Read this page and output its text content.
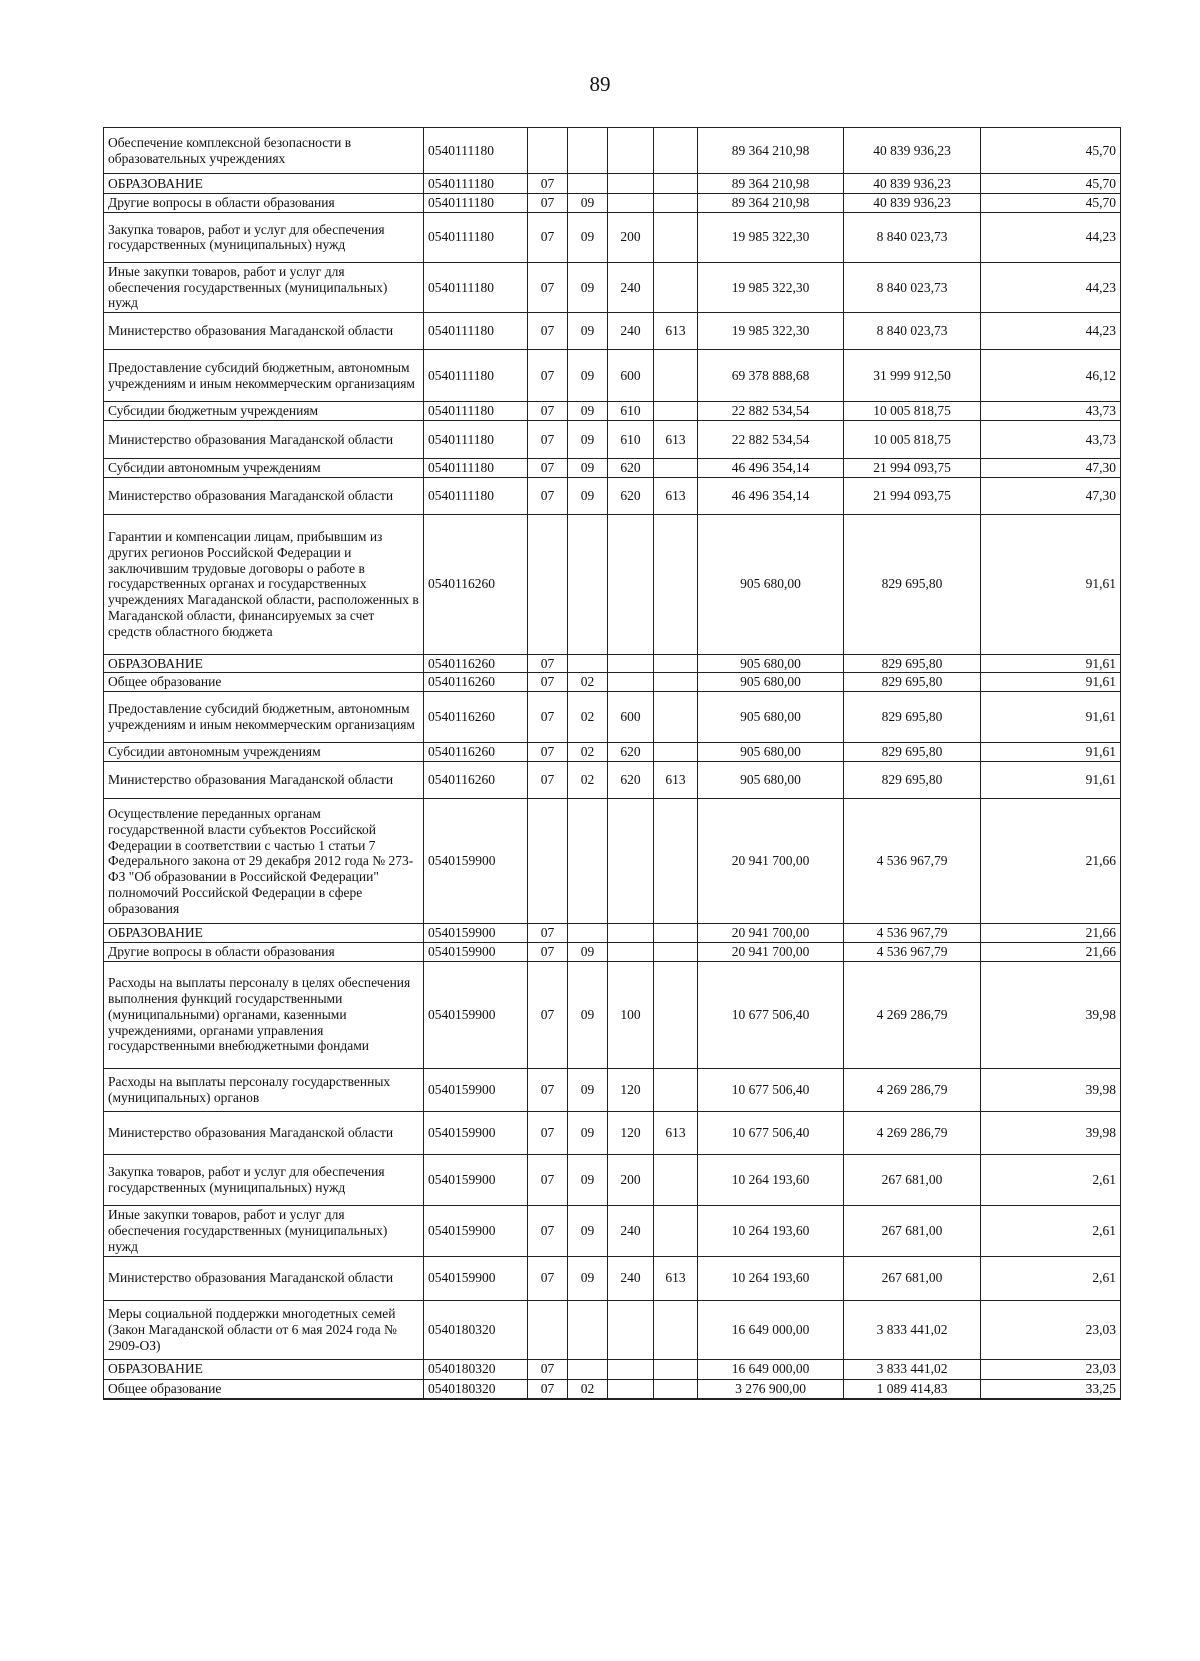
89
Обеспечение комплексной безопасности в образовательных учреждениях	0540111180					89 364 210,98	40 839 936,23	45,70
ОБРАЗОВАНИЕ	0540111180	07				89 364 210,98	40 839 936,23	45,70
Другие вопросы в области образования	0540111180	07	09			89 364 210,98	40 839 936,23	45,70
Закупка товаров, работ и услуг для обеспечения государственных (муниципальных) нужд	0540111180	07	09	200		19 985 322,30	8 840 023,73	44,23
Иные закупки товаров, работ и услуг для обеспечения государственных (муниципальных) нужд	0540111180	07	09	240		19 985 322,30	8 840 023,73	44,23
Министерство образования Магаданской области	0540111180	07	09	240	613	19 985 322,30	8 840 023,73	44,23
Предоставление субсидий бюджетным, автономным учреждениям и иным некоммерческим организациям	0540111180	07	09	600		69 378 888,68	31 999 912,50	46,12
Субсидии бюджетным учреждениям	0540111180	07	09	610		22 882 534,54	10 005 818,75	43,73
Министерство образования Магаданской области	0540111180	07	09	610	613	22 882 534,54	10 005 818,75	43,73
Субсидии автономным учреждениям	0540111180	07	09	620		46 496 354,14	21 994 093,75	47,30
Министерство образования Магаданской области	0540111180	07	09	620	613	46 496 354,14	21 994 093,75	47,30
Гарантии и компенсации лицам, прибывшим из других регионов Российской Федерации и заключившим трудовые договоры о работе в государственных органах и государственных учреждениях Магаданской области, расположенных в Магаданской области, финансируемых за счет средств областного бюджета	0540116260					905 680,00	829 695,80	91,61
ОБРАЗОВАНИЕ	0540116260	07				905 680,00	829 695,80	91,61
Общее образование	0540116260	07	02			905 680,00	829 695,80	91,61
Предоставление субсидий бюджетным, автономным учреждениям и иным некоммерческим организациям	0540116260	07	02	600		905 680,00	829 695,80	91,61
Субсидии автономным учреждениям	0540116260	07	02	620		905 680,00	829 695,80	91,61
Министерство образования Магаданской области	0540116260	07	02	620	613	905 680,00	829 695,80	91,61
Осуществление переданных органам государственной власти субъектов Российской Федерации в соответствии с частью 1 статьи 7 Федерального закона от 29 декабря 2012 года № 273-ФЗ "Об образовании в Российской Федерации" полномочий Российской Федерации в сфере образования	0540159900					20 941 700,00	4 536 967,79	21,66
ОБРАЗОВАНИЕ	0540159900	07				20 941 700,00	4 536 967,79	21,66
Другие вопросы в области образования	0540159900	07	09			20 941 700,00	4 536 967,79	21,66
Расходы на выплаты персоналу в целях обеспечения выполнения функций государственными (муниципальными) органами, казенными учреждениями, органами управления государственными внебюджетными фондами	0540159900	07	09	100		10 677 506,40	4 269 286,79	39,98
Расходы на выплаты персоналу государственных (муниципальных) органов	0540159900	07	09	120		10 677 506,40	4 269 286,79	39,98
Министерство образования Магаданской области	0540159900	07	09	120	613	10 677 506,40	4 269 286,79	39,98
Закупка товаров, работ и услуг для обеспечения государственных (муниципальных) нужд	0540159900	07	09	200		10 264 193,60	267 681,00	2,61
Иные закупки товаров, работ и услуг для обеспечения государственных (муниципальных) нужд	0540159900	07	09	240		10 264 193,60	267 681,00	2,61
Министерство образования Магаданской области	0540159900	07	09	240	613	10 264 193,60	267 681,00	2,61
Меры социальной поддержки многодетных семей (Закон Магаданской области от 6 мая 2024 года № 2909-ОЗ)	0540180320					16 649 000,00	3 833 441,02	23,03
ОБРАЗОВАНИЕ	0540180320	07				16 649 000,00	3 833 441,02	23,03
Общее образование	0540180320	07	02			3 276 900,00	1 089 414,83	33,25
